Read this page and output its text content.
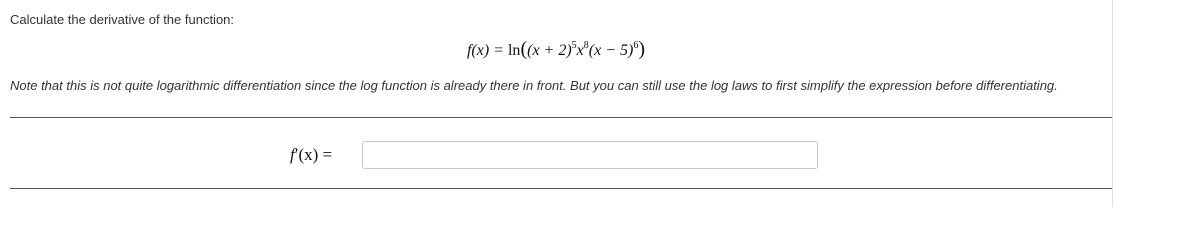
Calculate the derivative of the function:
$f(x) = \ln((x + 2)^5x^8(x - 5)^6)$
Note that this is not quite logarithmic differentiation since the log function is already there in front. But you can still use the log laws to first simplify the expression before differentiating.
f′(x) =
